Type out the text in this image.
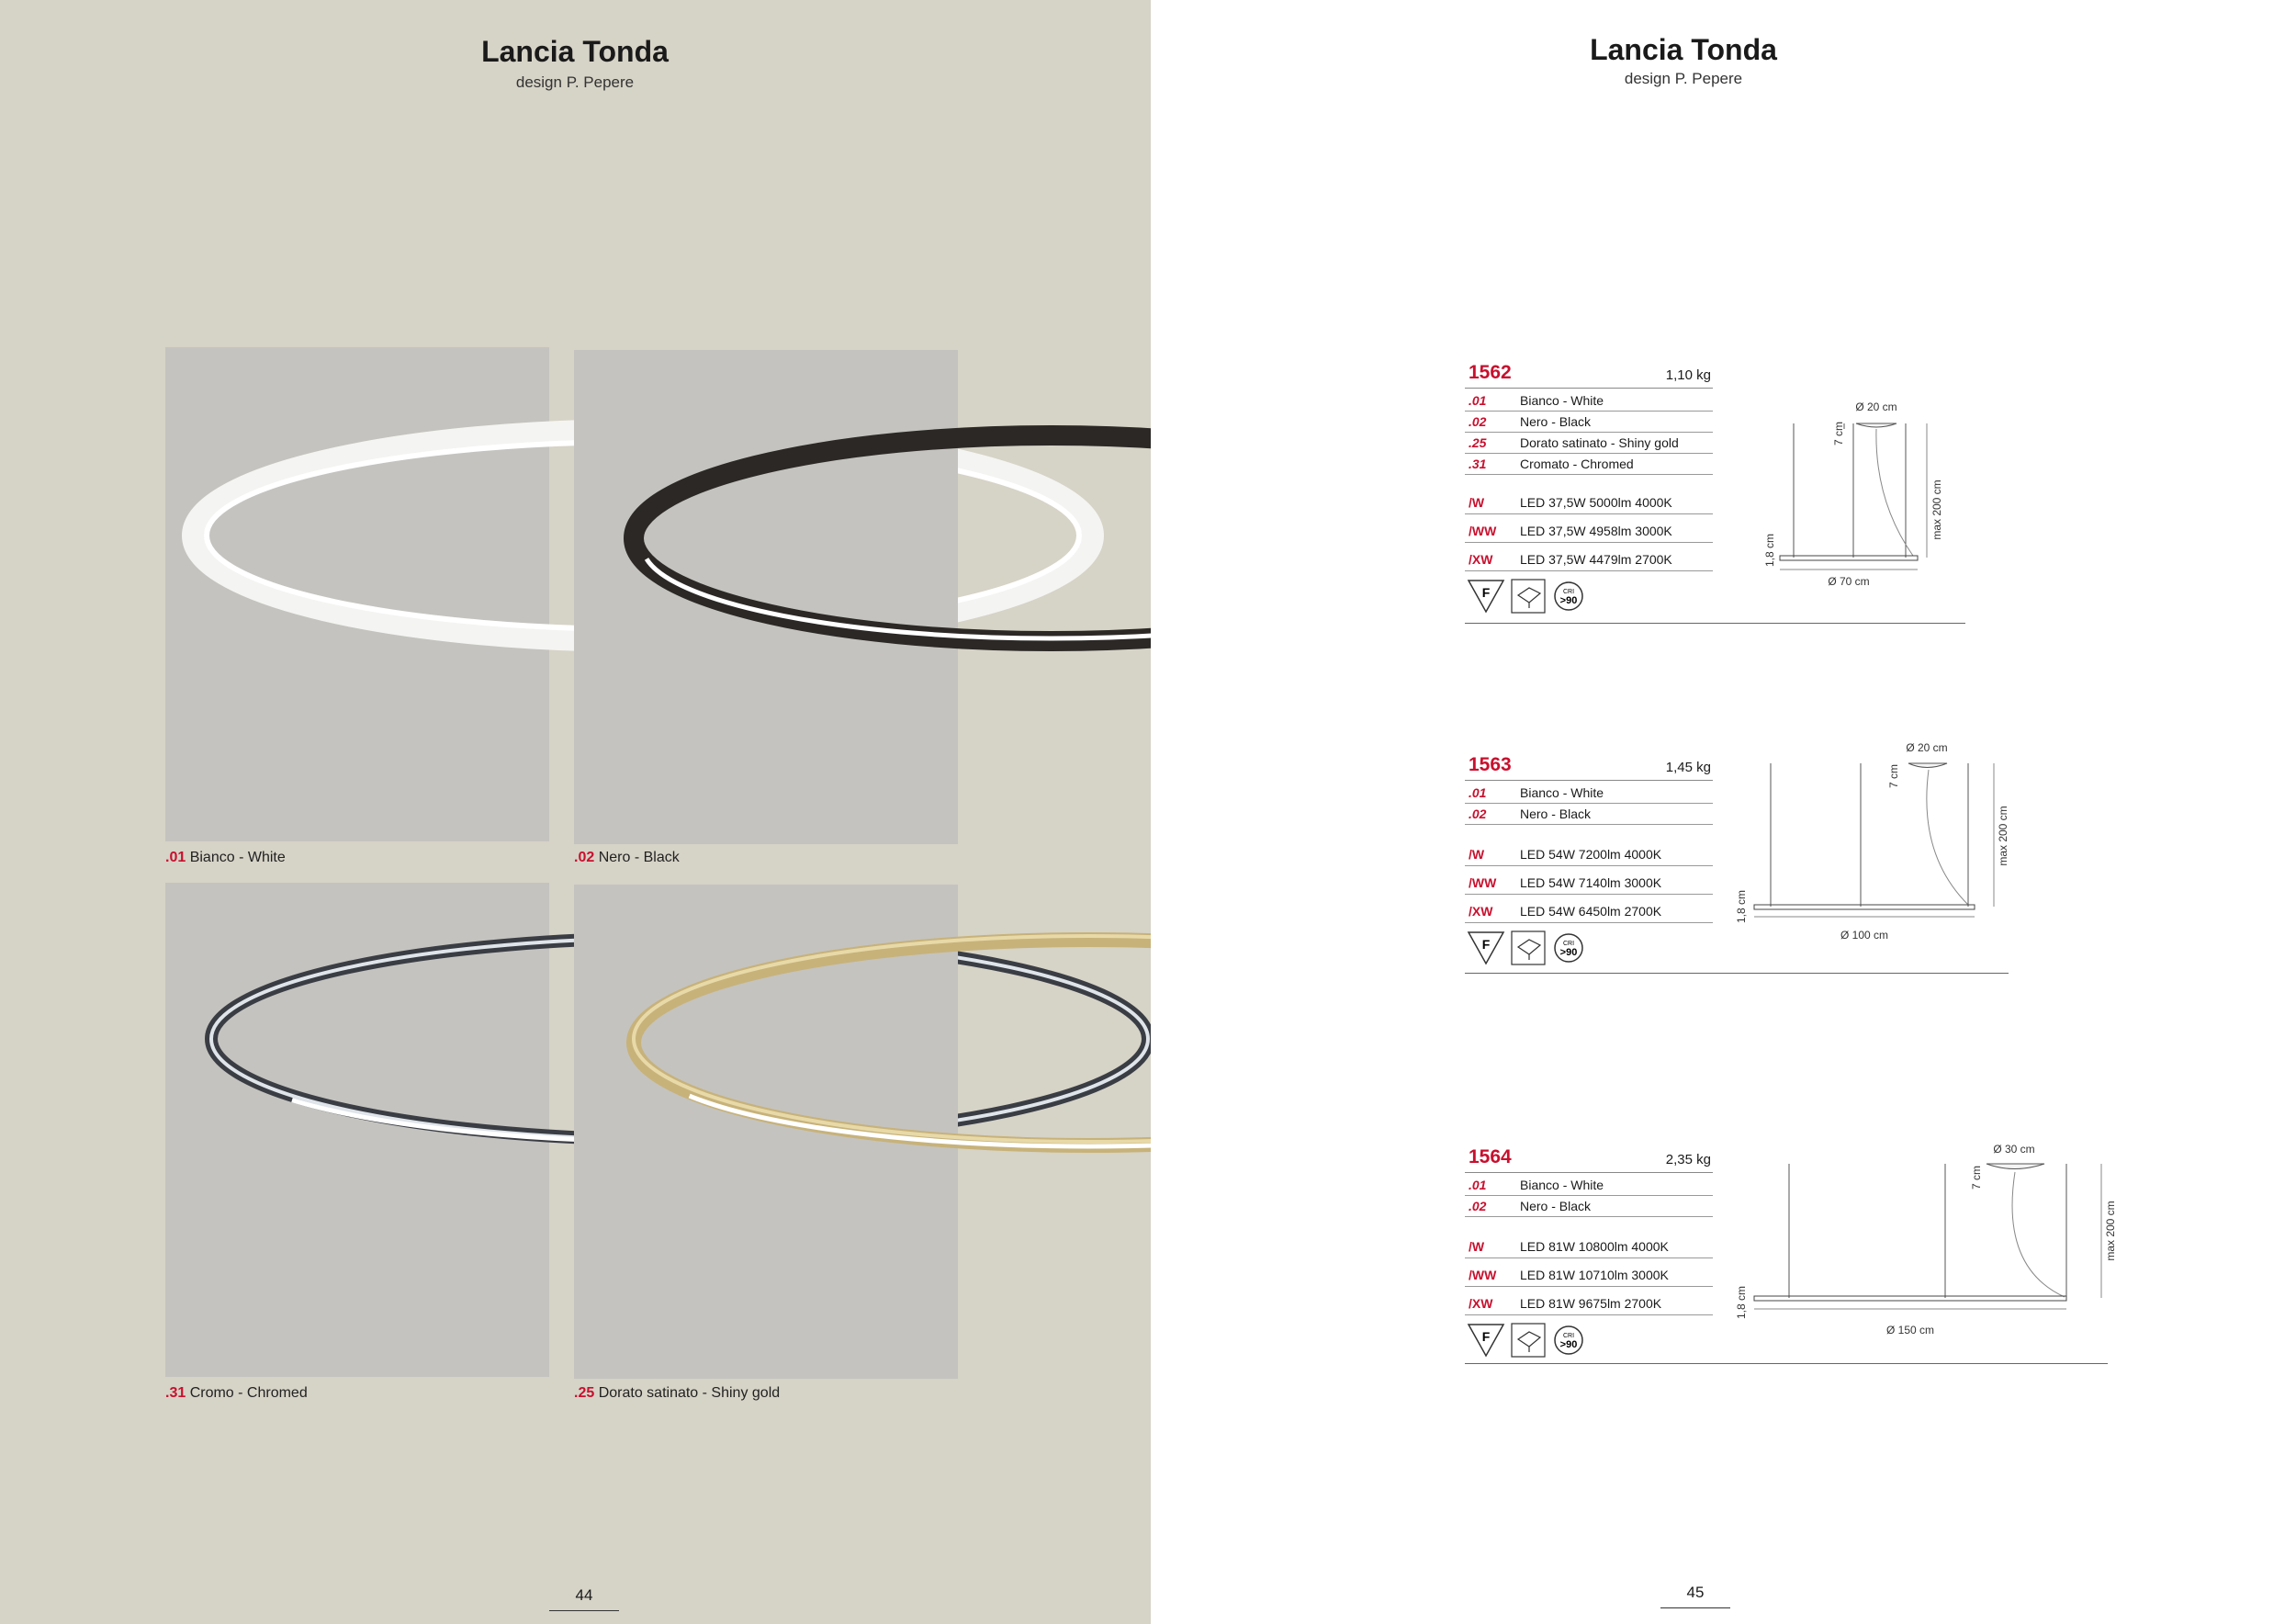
Lancia Tonda
design P. Pepere
.01 Bianco - White	.02 Nero - Black
.31 Cromo - Chromed	.25 Dorato satinato - Shiny gold
44
Lancia Tonda
design P. Pepere
1562	1,10 kg
.01	Bianco - White
.02	Nero - Black
.25	Dorato satinato - Shiny gold
.31	Cromato - Chromed
/W	LED 37,5W 5000lm 4000K
/WW LED 37,5W 4958lm 3000K
/XW LED 37,5W 4479lm 2700K
F	CRI
>90
Ø 20 cm
7 cm
max 200 cm
1,8 cm
Ø 70 cm
1563	1,45 kg
.01	Bianco - White
.02	Nero - Black
/W	LED 54W 7200lm 4000K
/WW LED 54W 7140lm 3000K
/XW LED 54W 6450lm 2700K
F	CRI
>90
Ø 20 cm
7 cm
max 200 cm
1,8 cm
Ø 100 cm
1564	2,35 kg
.01	Bianco - White
.02	Nero - Black
/W	LED 81W 10800lm 4000K
/WW LED 81W 10710lm 3000K
/XW LED 81W 9675lm 2700K
F	CRI
>90
Ø 30 cm
7 cm
max 200 cm
1,8 cm
Ø 150 cm
45
